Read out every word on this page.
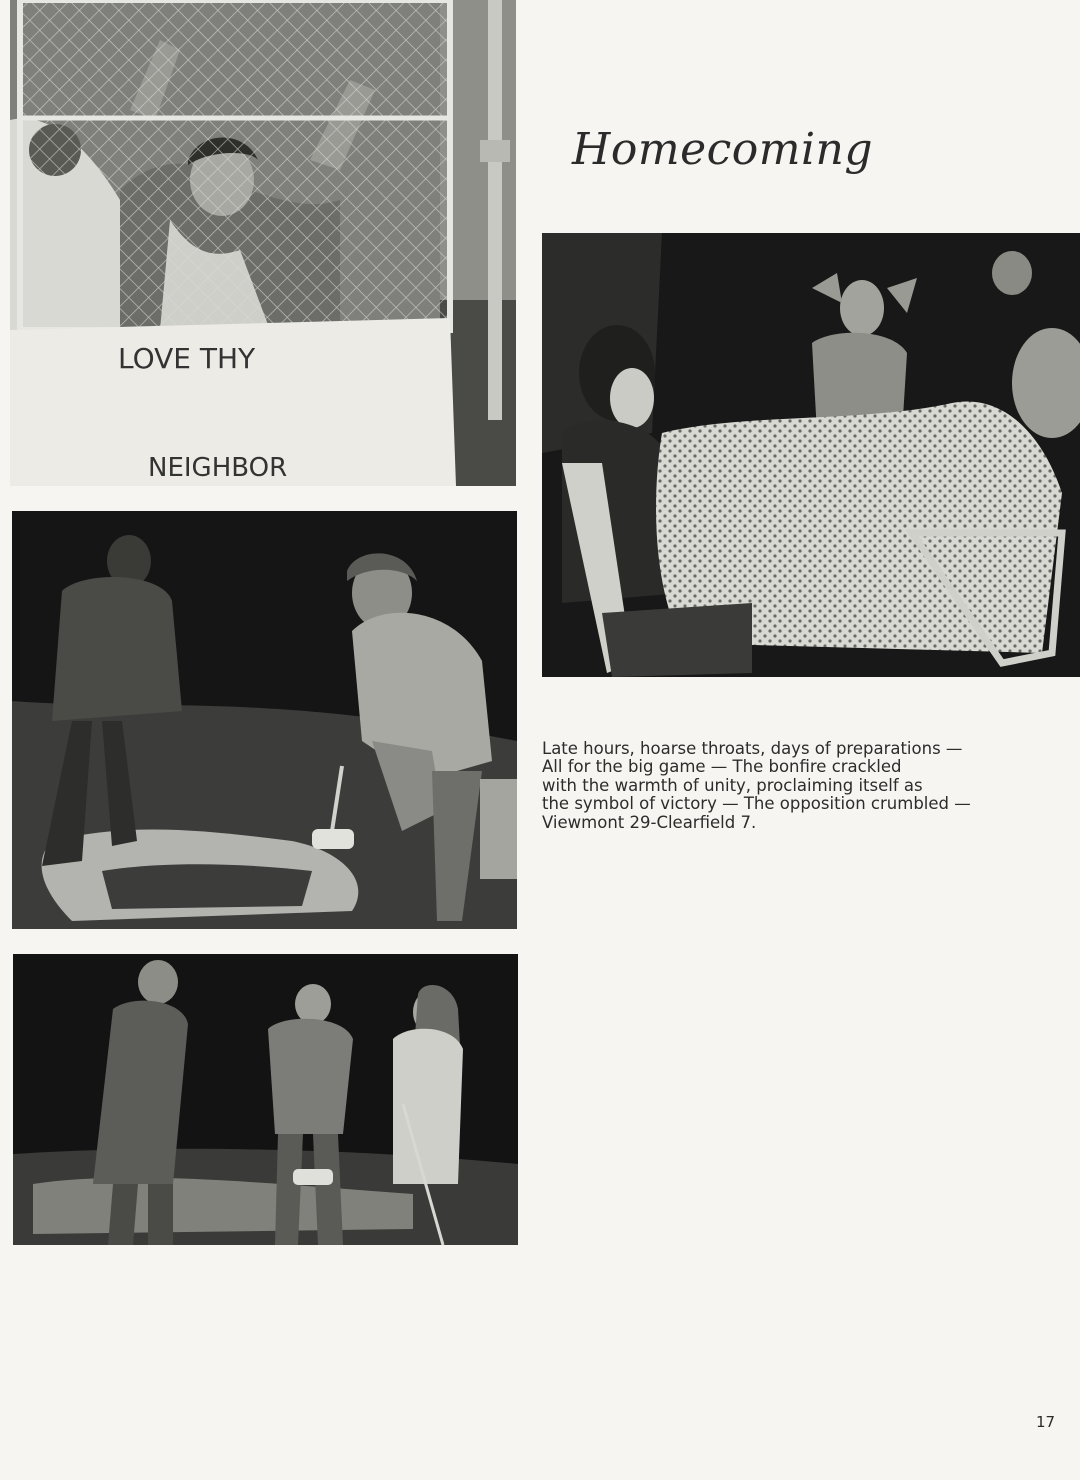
LOVE THY
NEIGHBOR
Homecoming

Late hours, hoarse throats, days of preparations —
All for the big game — The bonfire crackled
with the warmth of unity, proclaiming itself as
the symbol of victory — The opposition crumbled —
Viewmont 29-Clearfield 7.

17
